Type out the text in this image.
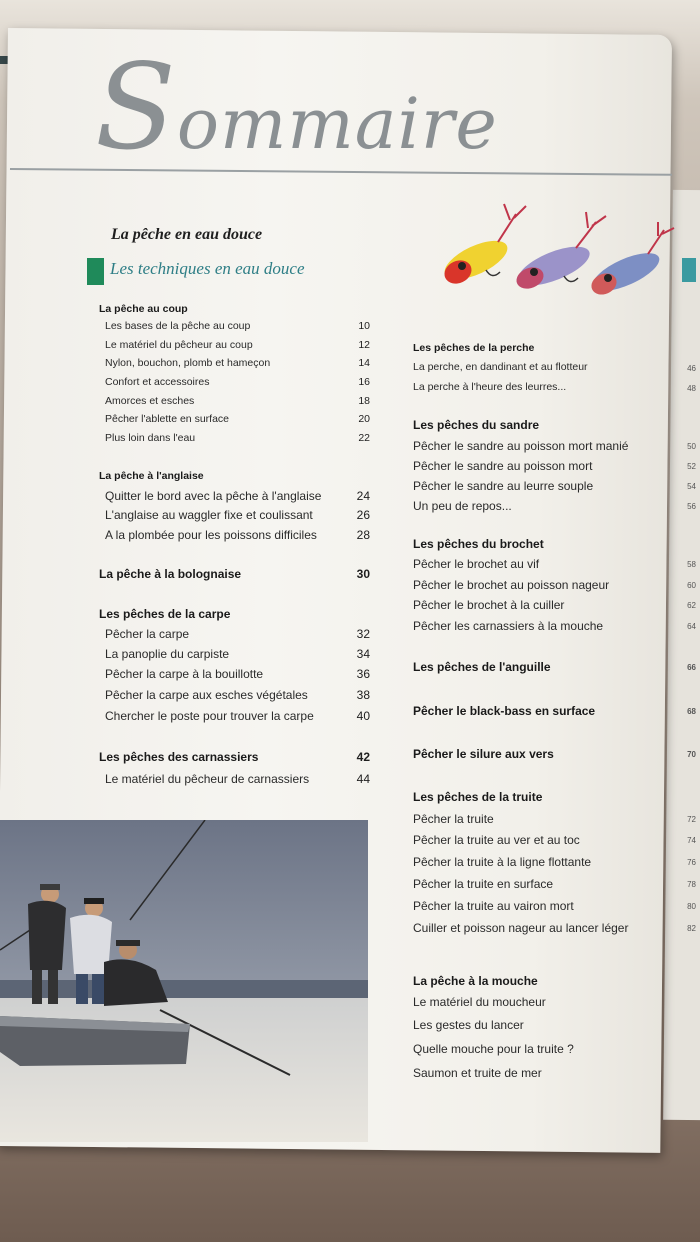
Sommaire
La pêche en eau douce
Les techniques en eau douce
La pêche au coup
Les bases de la pêche au coup	10
Le matériel du pêcheur au coup	12
Nylon, bouchon, plomb et hameçon	14
Confort et accessoires	16
Amorces et esches	18
Pêcher l'ablette en surface	20
Plus loin dans l'eau	22
La pêche à l'anglaise
Quitter le bord avec la pêche à l'anglaise	24
L'anglaise au waggler fixe et coulissant	26
A la plombée pour les poissons difficiles	28
La pêche à la bolognaise	30
Les pêches de la carpe
Pêcher la carpe	32
La panoplie du carpiste	34
Pêcher la carpe à la bouillotte	36
Pêcher la carpe aux esches végétales	38
Chercher le poste pour trouver la carpe	40
Les pêches des carnassiers	42
Le matériel du pêcheur de carnassiers	44
Les pêches de la perche
La perche, en dandinant et au flotteur	46
La perche à l'heure des leurres...	48
Les pêches du sandre
Pêcher le sandre au poisson mort manié	50
Pêcher le sandre au poisson mort	52
Pêcher le sandre au leurre souple	54
Un peu de repos...	56
Les pêches du brochet
Pêcher le brochet au vif	58
Pêcher le brochet au poisson nageur	60
Pêcher le brochet à la cuiller	62
Pêcher les carnassiers à la mouche	64
Les pêches de l'anguille	66
Pêcher le black-bass en surface	68
Pêcher le silure aux vers	70
Les pêches de la truite
Pêcher la truite	72
Pêcher la truite au ver et au toc	74
Pêcher la truite à la ligne flottante	76
Pêcher la truite en surface	78
Pêcher la truite au vairon mort	80
Cuiller et poisson nageur au lancer léger	82
La pêche à la mouche
Le matériel du moucheur
Les gestes du lancer
Quelle mouche pour la truite ?
Saumon et truite de mer
